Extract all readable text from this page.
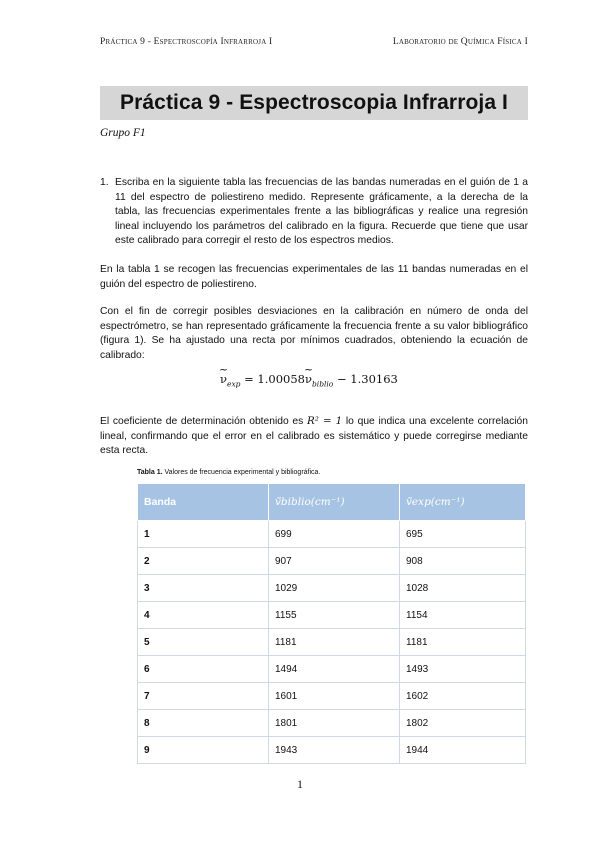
Práctica 9 - Espectroscopía Infrarroja I	Laboratorio de Química Física I
Práctica 9 - Espectroscopia Infrarroja I
Grupo F1
1. Escriba en la siguiente tabla las frecuencias de las bandas numeradas en el guión de 1 a 11 del espectro de poliestireno medido. Represente gráficamente, a la derecha de la tabla, las frecuencias experimentales frente a las bibliográficas y realice una regresión lineal incluyendo los parámetros del calibrado en la figura. Recuerde que tiene que usar este calibrado para corregir el resto de los espectros medios.

En la tabla 1 se recogen las frecuencias experimentales de las 11 bandas numeradas en el guión del espectro de poliestireno.

Con el fin de corregir posibles desviaciones en la calibración en número de onda del espectrómetro, se han representado gráficamente la frecuencia frente a su valor bibliográfico (figura 1). Se ha ajustado una recta por mínimos cuadrados, obteniendo la ecuación de calibrado:

~
$\nu_{exp} = 1.00058$
~
$\nu_{biblio} - 1.30163$

El coeficiente de determinación obtenido es R² = 1 lo que indica una excelente correlación lineal, confirmando que el error en el calibrado es sistemático y puede corregirse mediante esta recta.

Tabla 1. Valores de frecuencia experimental y bibliográfica.
Banda	ṽbiblio(cm⁻¹)	ṽexp(cm⁻¹)
1	699	695
2	907	908
3	1029	1028
4	1155	1154
5	1181	1181
6	1494	1493
7	1601	1602
8	1801	1802
9	1943	1944
1
